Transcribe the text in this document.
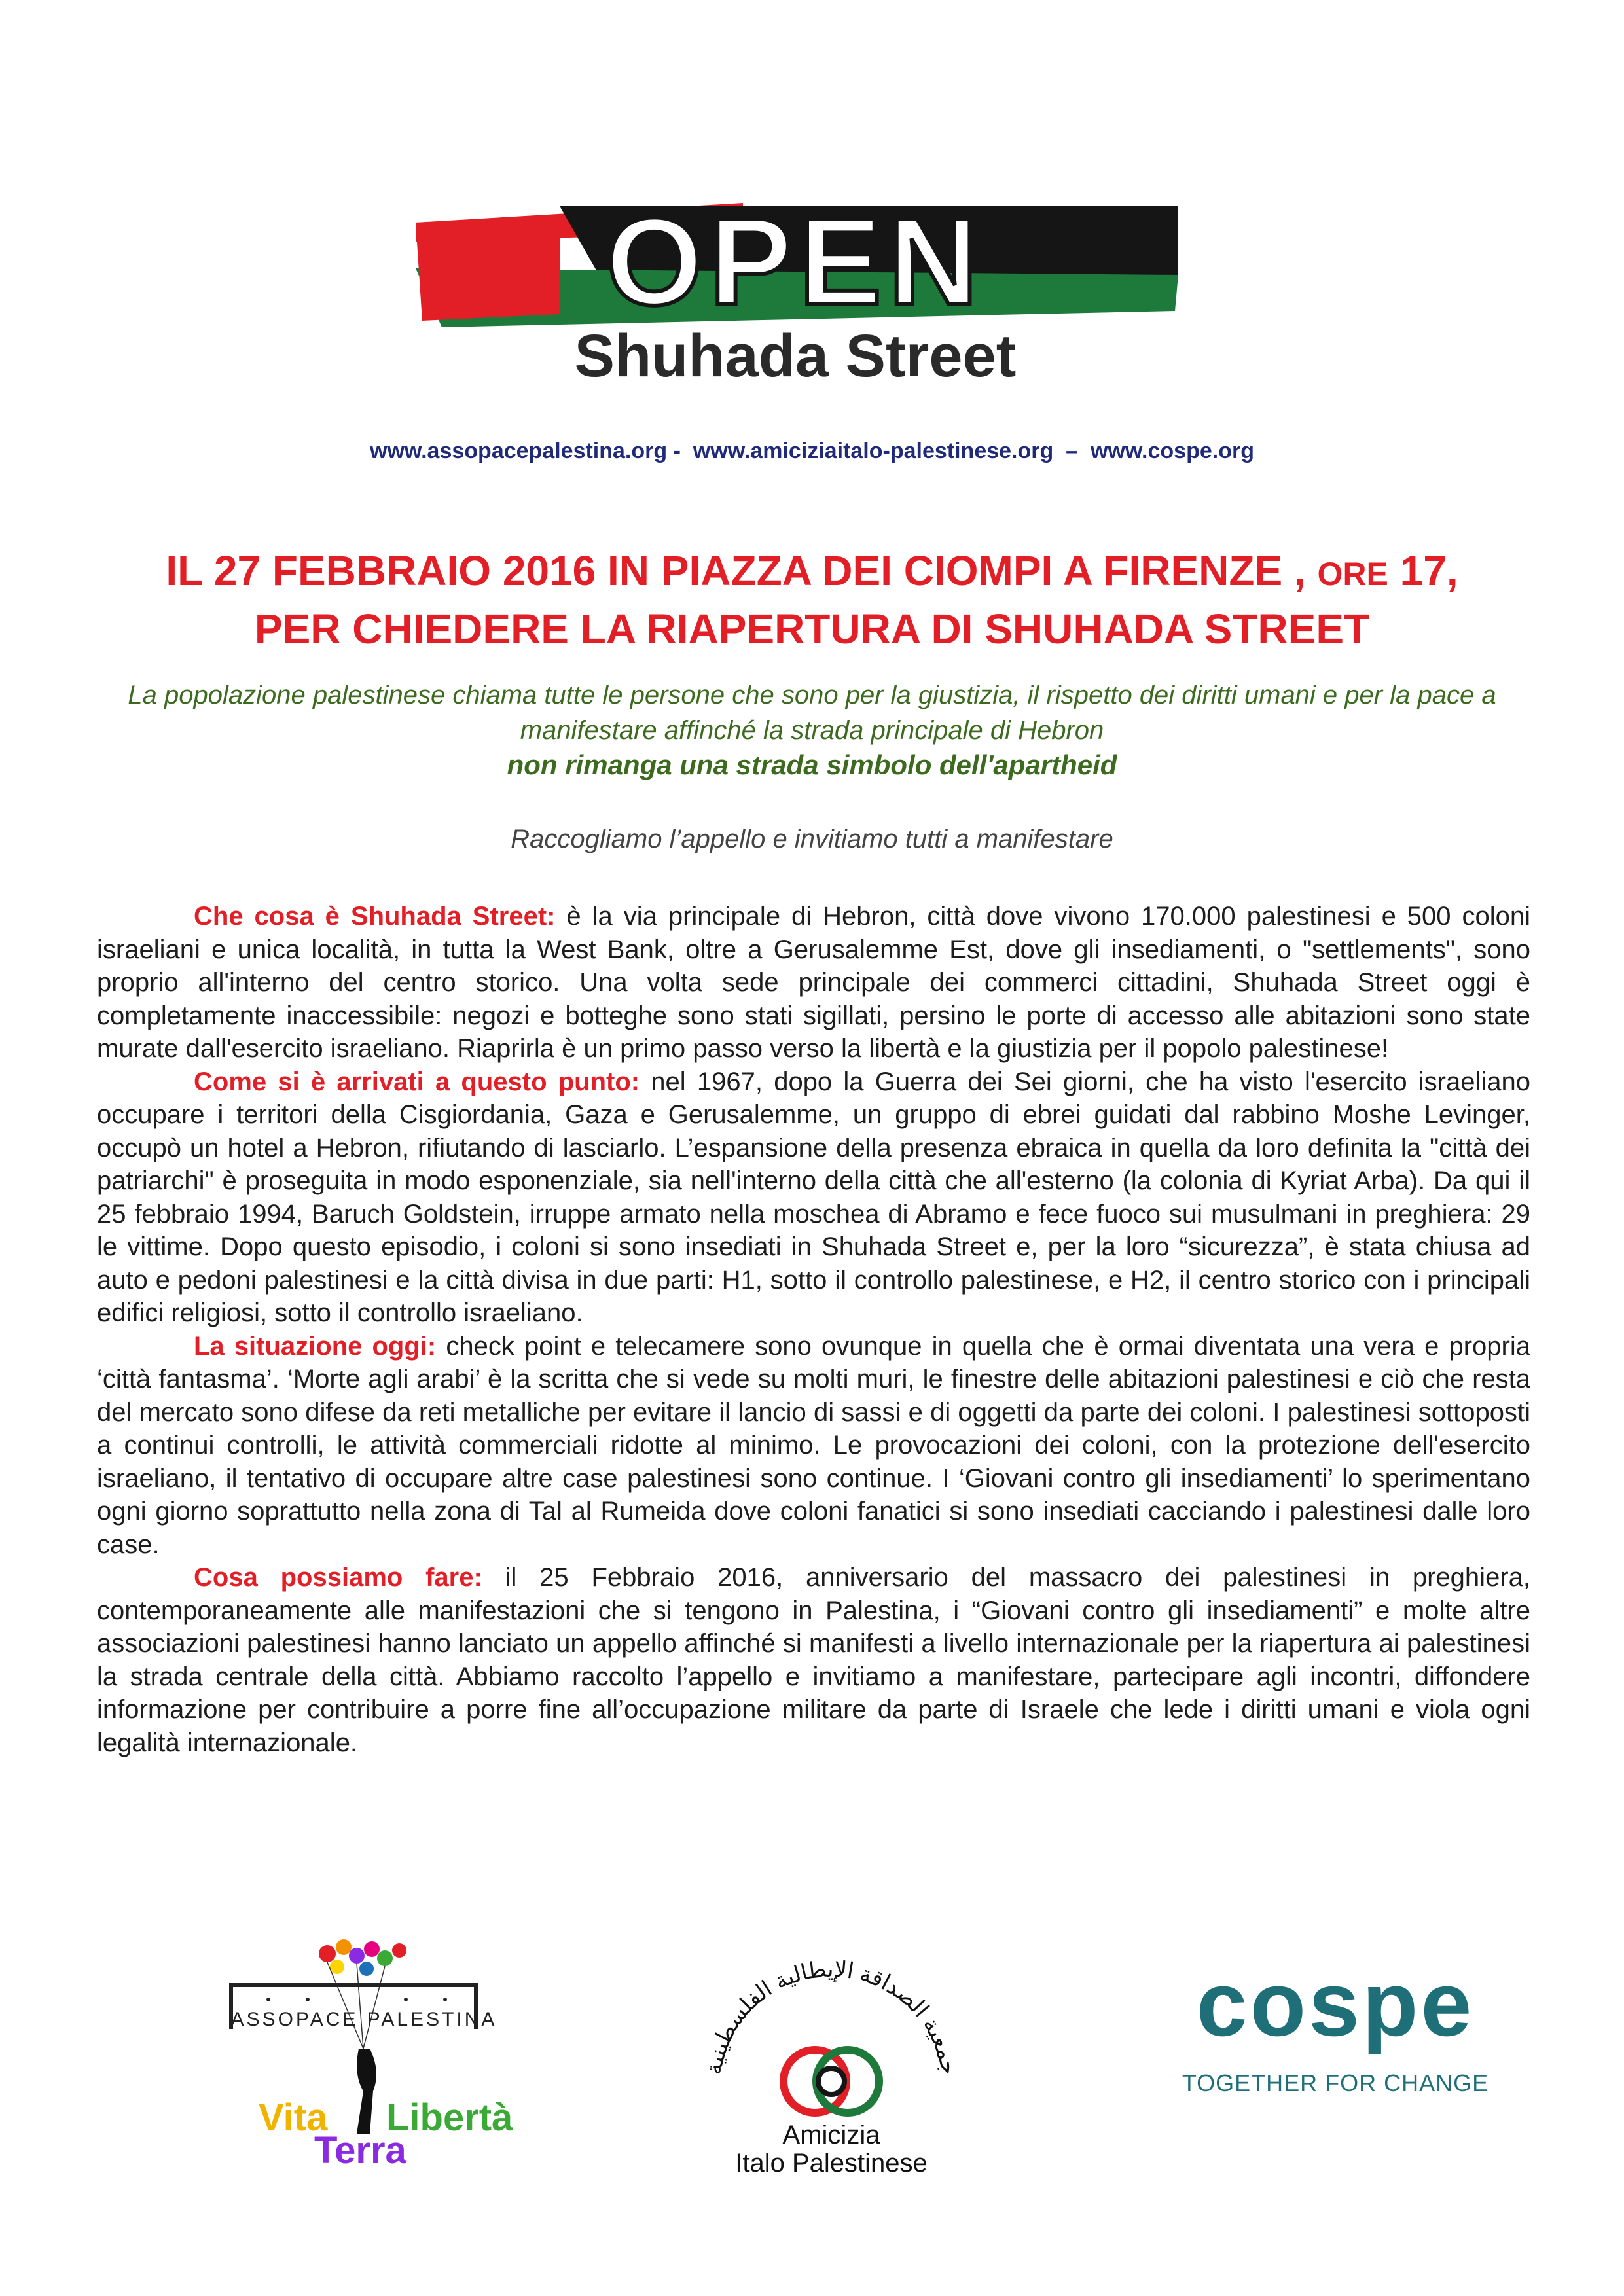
OPEN
Shuhada Street
www.assopacepalestina.org -  www.amiciziaitalo-palestinese.org  –  www.cospe.org
IL 27 FEBBRAIO 2016 IN PIAZZA DEI CIOMPI A FIRENZE , ORE 17,
PER CHIEDERE LA RIAPERTURA DI SHUHADA STREET
La popolazione palestinese chiama tutte le persone che sono per la giustizia, il rispetto dei diritti umani e per la pace a manifestare affinché la strada principale di Hebron
non rimanga una strada simbolo dell'apartheid
Raccogliamo l’appello e invitiamo tutti a manifestare

Che cosa è Shuhada Street: è la via principale di Hebron, città dove vivono 170.000 palestinesi e 500 coloni israeliani e unica località, in tutta la West Bank, oltre a Gerusalemme Est, dove gli insediamenti, o "settlements", sono proprio all'interno del centro storico. Una volta sede principale dei commerci cittadini, Shuhada Street oggi è completamente inaccessibile: negozi e botteghe sono stati sigillati, persino le porte di accesso alle abitazioni sono state murate dall'esercito israeliano. Riaprirla è un primo passo verso la libertà e la giustizia per il popolo palestinese!

Come si è arrivati a questo punto: nel 1967, dopo la Guerra dei Sei giorni, che ha visto l'esercito israeliano occupare i territori della Cisgiordania, Gaza e Gerusalemme, un gruppo di ebrei guidati dal rabbino Moshe Levinger, occupò un hotel a Hebron, rifiutando di lasciarlo. L’espansione della presenza ebraica in quella da loro definita la "città dei patriarchi" è proseguita in modo esponenziale, sia nell'interno della città che all'esterno (la colonia di Kyriat Arba). Da qui il 25 febbraio 1994, Baruch Goldstein, irruppe armato nella moschea di Abramo e fece fuoco sui musulmani in preghiera: 29 le vittime. Dopo questo episodio, i coloni si sono insediati in Shuhada Street e, per la loro “sicurezza”, è stata chiusa ad auto e pedoni palestinesi e la città divisa in due parti: H1, sotto il controllo palestinese, e H2, il centro storico con i principali edifici religiosi, sotto il controllo israeliano.

La situazione oggi: check point e telecamere sono ovunque in quella che è ormai diventata una vera e propria ‘città fantasma’. ‘Morte agli arabi’ è la scritta che si vede su molti muri, le finestre delle abitazioni palestinesi e ciò che resta del mercato sono difese da reti metalliche per evitare il lancio di sassi e di oggetti da parte dei coloni. I palestinesi sottoposti a continui controlli, le attività commerciali ridotte al minimo. Le provocazioni dei coloni, con la protezione dell'esercito israeliano, il tentativo di occupare altre case palestinesi sono continue. I ‘Giovani contro gli insediamenti’ lo sperimentano ogni giorno soprattutto nella zona di Tal al Rumeida dove coloni fanatici si sono insediati cacciando i palestinesi dalle loro case.

Cosa possiamo fare: il 25 Febbraio 2016, anniversario del massacro dei palestinesi in preghiera, contemporaneamente alle manifestazioni che si tengono in Palestina, i “Giovani contro gli insediamenti” e molte altre associazioni palestinesi hanno lanciato un appello affinché si manifesti a livello internazionale per la riapertura ai palestinesi la strada centrale della città. Abbiamo raccolto l’appello e invitiamo a manifestare, partecipare agli incontri, diffondere informazione per contribuire a porre fine all’occupazione militare da parte di Israele che lede i diritti umani e viola ogni legalità internazionale.

ASSOPACE PALESTINA
Vita
Terra
Libertà
جمعية الصداقة الإيطالية الفلسطينية
Amicizia
Italo Palestinese
cospe
TOGETHER FOR CHANGE
